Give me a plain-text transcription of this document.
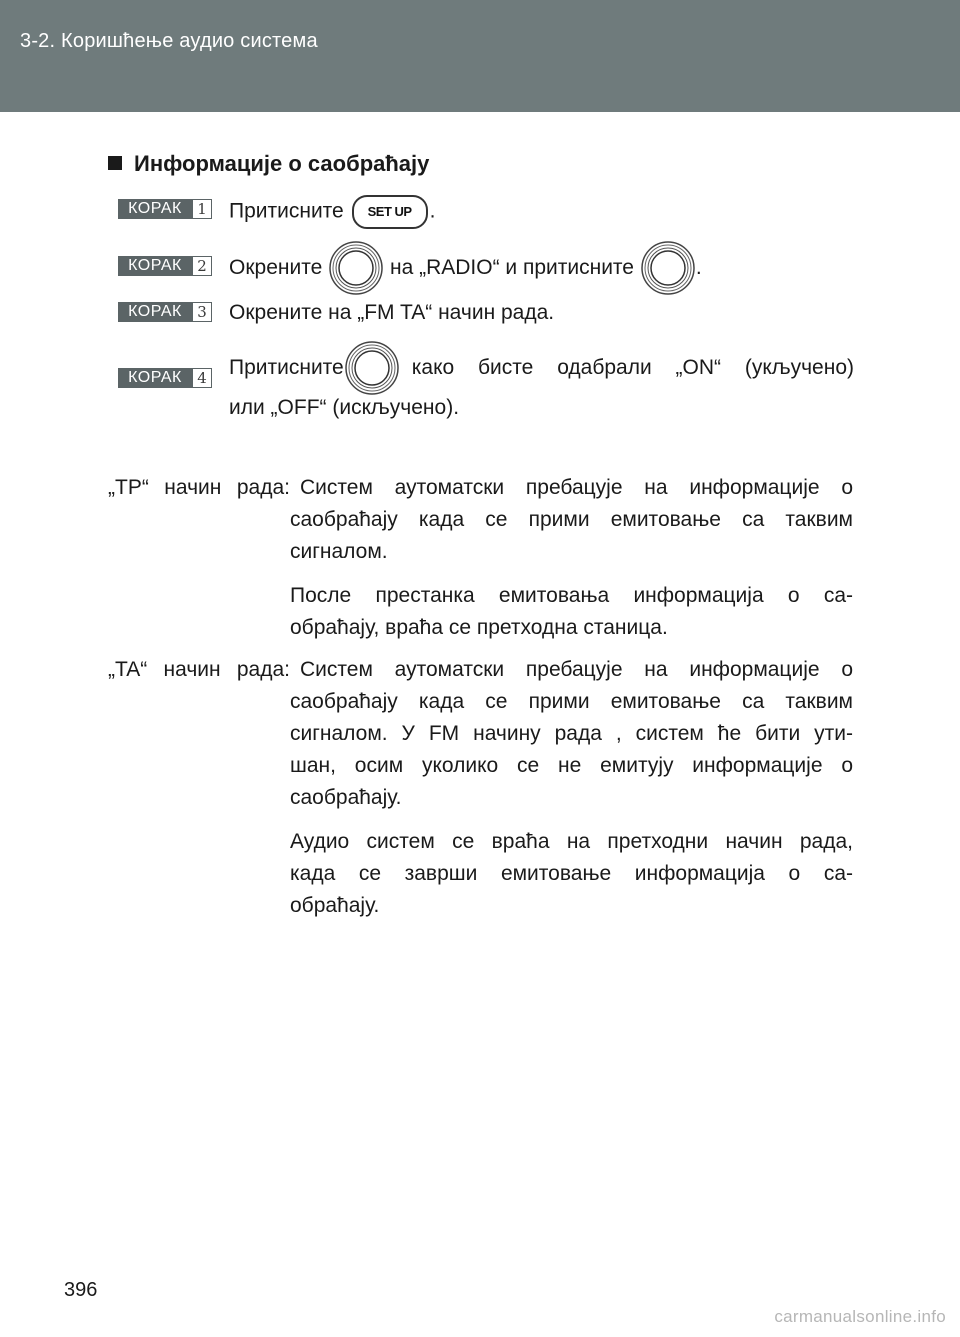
3-2. Коришћење аудио система
Информације о саобраћају
КОРАК	1 Притисните SET UP .
КОРАК	2 Окрените	на „RADIO“ и притисните	.
КОРАК	3 Окрените на „FM TA“ начин рада.
КОРАК	4 Притисните	како бисте одабрали „ON“ (укључено)
или „OFF“ (искључено).
„TP“ начин рада: Систем аутоматски пребацује на информације о
саобраћају када се прими емитовање са таквим
сигналом.
После престанка емитовања информација о са-
обраћају, враћа се претходна станица.
„TA“ начин рада: Систем аутоматски пребацује на информације о
саобраћају када се прими емитовање са таквим
сигналом. У FM начину рада , систем ће бити ути-
шан, осим уколико се не емитују информације о
саобраћају.
Аудио систем се враћа на претходни начин рада,
када се заврши емитовање информација о са-
обраћају.
396
carmanualsonline.info
